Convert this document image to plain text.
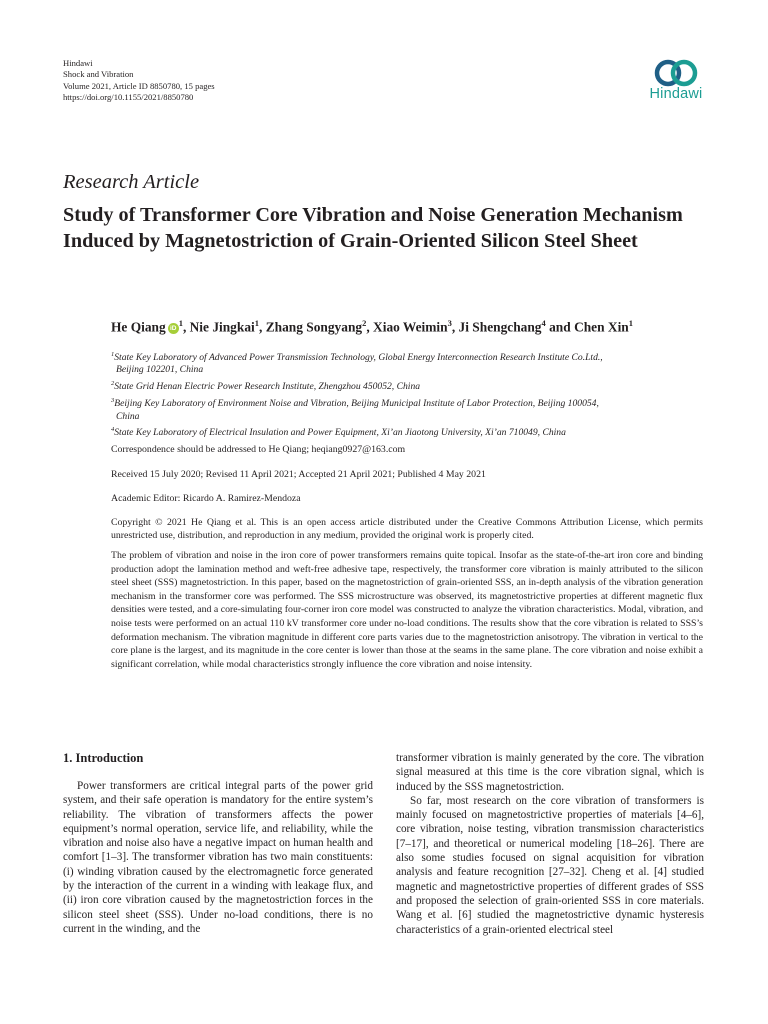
Hindawi
Shock and Vibration
Volume 2021, Article ID 8850780, 15 pages
https://doi.org/10.1155/2021/8850780	Hindawi
Research Article
Study of Transformer Core Vibration and Noise Generation Mechanism Induced by Magnetostriction of Grain-Oriented Silicon Steel Sheet
He Qiang $iD^1$, Nie Jingkai$^1$, Zhang Songyang$^2$, Xiao Weimin$^3$, Ji Shengchang$^4$ and Chen Xin$^1$
$^1$State Key Laboratory of Advanced Power Transmission Technology, Global Energy Interconnection Research Institute Co.Ltd.,
Beijing 102201, China
$^2$State Grid Henan Electric Power Research Institute, Zhengzhou 450052, China
$^3$Beijing Key Laboratory of Environment Noise and Vibration, Beijing Municipal Institute of Labor Protection, Beijing 100054,
China
$^4$State Key Laboratory of Electrical Insulation and Power Equipment, Xi’an Jiaotong University, Xi’an 710049, China
Correspondence should be addressed to He Qiang; heqiang0927@163.com
Received 15 July 2020; Revised 11 April 2021; Accepted 21 April 2021; Published 4 May 2021
Academic Editor: Ricardo A. Ramirez-Mendoza
Copyright © 2021 He Qiang et al. This is an open access article distributed under the Creative Commons Attribution License, which permits unrestricted use, distribution, and reproduction in any medium, provided the original work is properly cited.
The problem of vibration and noise in the iron core of power transformers remains quite topical. Insofar as the state-of-the-art iron core and binding production adopt the lamination method and weft-free adhesive tape, respectively, the transformer core vibration is mainly attributed to the silicon steel sheet (SSS) magnetostriction. In this paper, based on the magnetostriction of grain-oriented SSS, an in-depth analysis of the vibration generation mechanism in the transformer core was performed. The SSS microstructure was observed, its magnetostrictive properties at different magnetic flux densities were tested, and a core-simulating four-corner iron core model was constructed to analyze the vibration characteristics. Modal, vibration, and noise tests were performed on an actual 110 kV transformer core under no-load conditions. The results show that the core vibration is related to SSS’s deformation mechanism. The vibration magnitude in different core parts varies due to the magnetostriction anisotropy. The vibration in vertical to the core plane is the largest, and its magnitude in the core center is lower than those at the seams in the same plane. The core vibration and noise exhibit a significant correlation, while modal characteristics strongly influence the core vibration and noise intensity.
1. Introduction

Power transformers are critical integral parts of the power grid system, and their safe operation is mandatory for the entire system’s reliability. The vibration of transformers affects the power equipment’s normal operation, service life, and reliability, while the vibration and noise also have a negative impact on human health and comfort [1–3]. The transformer vibration has two main constituents: (i) winding vibration caused by the electromagnetic force generated by the interaction of the current in a winding with leakage flux, and (ii) iron core vibration caused by the magnetostriction forces in the silicon steel sheet (SSS). Under no-load conditions, there is no current in the winding, and the

transformer vibration is mainly generated by the core. The vibration signal measured at this time is the core vibration signal, which is induced by the SSS magnetostriction.

So far, most research on the core vibration of transformers is mainly focused on magnetostrictive properties of materials [4–6], core vibration, noise testing, vibration transmission characteristics [7–17], and theoretical or numerical modeling [18–26]. There are also some studies focused on signal acquisition for vibration analysis and feature recognition [27–32]. Cheng et al. [4] studied magnetic and magnetostrictive properties of different grades of SSS and proposed the selection of grain-oriented SSS in core materials. Wang et al. [6] studied the magnetostrictive dynamic hysteresis characteristics of a grain-oriented electrical steel
